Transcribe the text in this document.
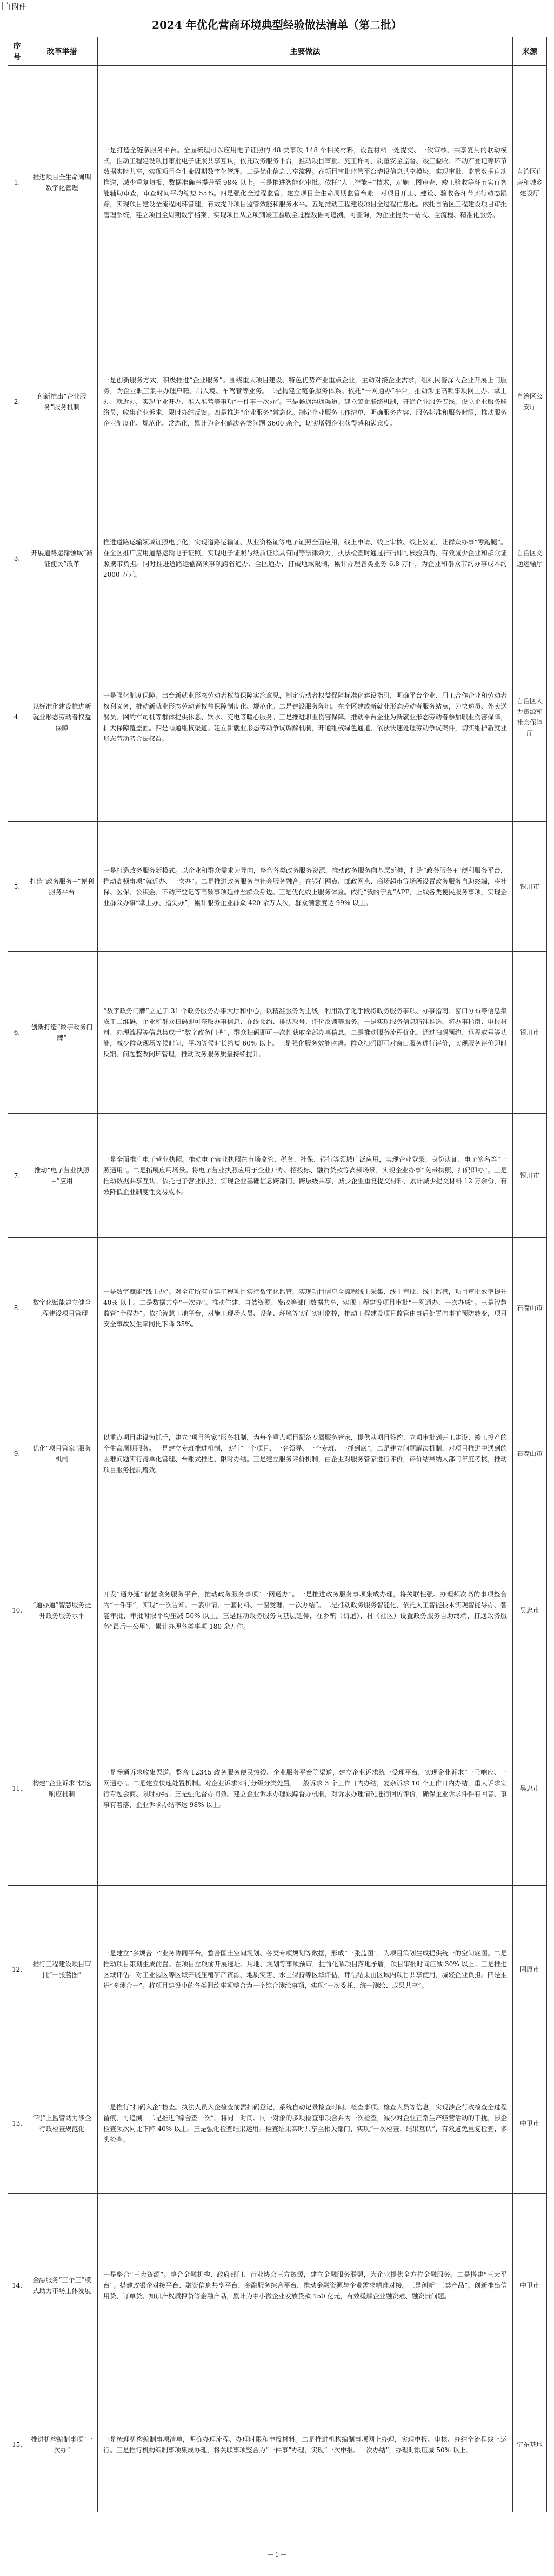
附件
2024 年优化营商环境典型经验做法清单（第二批）
序号	改革举措	主要做法	来源
1.	推进项目全生命周期数字化管理	一是打造全链条服务平台。全面梳理可以应用电子证照的 48 类事项 148 个相关材料，设置材料一处提交、一次审核、共享复用的联动模式，推动工程建设项目审批电子证照共享互认，依托政务服务平台，推动项目审批、施工许可、质量安全监督、竣工验收、不动产登记等环节数据实时共享，实现项目全生命周期数字化管理。二是优化信息共享流程。在项目审批监管平台增设信息共享模块，实现审批、监管数据自动推送，减少重复填报，数据准确率提升至 98% 以上。三是推进智能化审批。依托“人工智能+”技术，对施工图审查、竣工验收等环节实行智能辅助审查，审查时间平均缩短 55%。四是强化全过程监管。建立项目全生命周期监管台账，对项目开工、建设、验收各环节实行动态跟踪，实现项目建设全流程闭环管理，有效提升项目监管效能和服务水平。五是推动工程建设项目全过程信息化。依托自治区工程建设项目审批管理系统，建立项目全周期数字档案，实现项目从立项到竣工验收全过程数据可追溯、可查询，为企业提供一站式、全流程、精准化服务。	自治区住房和城乡建设厅
2.	创新推出“企业服务”服务机制	一是创新服务方式，积极推进“企业服务”。围绕重大项目建设、特色优势产业重点企业，主动对接企业需求，组织民警深入企业开展上门服务，为企业职工集中办理户籍、出入境、车驾管等业务。二是构建全链条服务体系。依托“一网通办”平台，推动涉企高频事项网上办、掌上办、就近办，实现企业开办、准入准营等事项“一件事一次办”。三是畅通沟通渠道。建立警企联络机制，开通企业服务专线，设立企业服务联络员，收集企业诉求，限时办结反馈。四是推进“企业服务”常态化。制定企业服务工作清单，明确服务内容、服务标准和服务时限，推动服务企业制度化、规范化、常态化，累计为企业解决各类问题 3600 余个，切实增强企业获得感和满意度。	自治区公安厅
3.	开展道路运输领域“减证便民”改革	推进道路运输领域证照电子化，实现道路运输证、从业资格证等电子证照全面应用，线上申请、线上审核、线上发证，让群众办事“零跑腿”。在全区推广应用道路运输电子证照，实现电子证照与纸质证照具有同等法律效力，执法检查时通过扫码即可核验真伪，有效减少企业和群众证照携带负担。同时推进道路运输高频事项跨省通办、全区通办，打破地域限制，累计办理各类业务 6.8 万件，为企业和群众节约办事成本约 2000 万元。	自治区交通运输厅
4.	以标准化建设推进新就业形态劳动者权益保障	一是强化制度保障。出台新就业形态劳动者权益保障实施意见，制定劳动者权益保障标准化建设指引，明确平台企业、用工合作企业和劳动者权利义务，推动新就业形态劳动者权益保障制度化、规范化。二是建设服务阵地。在全区建成新就业形态劳动者服务站点，为快递员、外卖送餐员、网约车司机等群体提供休息、饮水、充电等暖心服务。三是推进职业伤害保障。推动平台企业为新就业形态劳动者参加职业伤害保障，扩大保障覆盖面。四是畅通维权渠道。建立新就业形态劳动争议调解机制，开通维权绿色通道，依法快速处理劳动争议案件，切实维护新就业形态劳动者合法权益。	自治区人力资源和社会保障厅
5.	打造“政务服务+”便利服务平台	一是打造政务服务新模式。以企业和群众需求为导向，整合各类政务服务资源，推动政务服务向基层延伸，打造“政务服务+”便利服务平台，推动高频事项“就近办、一次办”。二是推进政务服务与社会服务融合。在银行网点、邮政网点、商场超市等场所设置政务服务自助终端，将社保、医保、公积金、不动产登记等高频事项延伸至群众身边。三是优化线上服务体验。依托“我的宁夏”APP，上线各类便民服务事项，实现企业群众办事“掌上办、指尖办”，累计服务企业群众 420 余万人次，群众满意度达 99% 以上。	银川市
6.	创新打造“数字政务门牌”	“数字政务门牌”立足于 31 个政务服务办事大厅和中心，以精准服务为主线，利用数字化手段将政务服务事项、办事指南、窗口分布等信息集成于二维码，企业和群众扫码即可获取办事信息、在线预约、排队取号、评价反馈等服务。一是实现服务信息精准推送。将办事指南、申报材料、办理流程等信息集成于“数字政务门牌”，群众扫码即可一次性获取全部办事信息。二是推动服务流程优化。通过扫码预约、远程取号等功能，减少群众现场等候时间，平均等候时长缩短 60% 以上。三是强化服务效能监督。群众扫码即可对窗口服务进行评价，实现服务评价即时反馈、问题整改闭环管理，推动政务服务质量持续提升。	银川市
7.	推动“电子营业执照+”应用	一是全面推广电子营业执照。推动电子营业执照在市场监管、税务、社保、银行等领域广泛应用，实现企业登录、身份认证、电子签名等“一照通用”。二是拓展应用场景。将电子营业执照应用于企业开办、招投标、融资贷款等高频场景，实现企业办事“免带执照、扫码即办”。三是推动数据共享互认。依托电子营业执照，实现企业基础信息跨部门、跨层级共享，减少企业重复提交材料，累计减少提交材料 12 万余份，有效降低企业制度性交易成本。	银川市
8.	数字化赋能建立健全工程建设项目管理	一是数字赋能“线上办”。对全市所有在建工程项目实行数字化监管，实现项目信息全流程线上采集、线上审批、线上监管，项目审批效率提升 40% 以上。二是数据共享“一次办”。推动住建、自然资源、发改等部门数据共享，实现工程建设项目审批“一网通办、一次办成”。三是智慧监管“全程办”。依托智慧工地平台，对施工现场人员、设备、环境等实行实时监控，推动工程建设项目监管由事后处置向事前预防转变，项目安全事故发生率同比下降 35%。	石嘴山市
9.	优化“项目管家”服务机制	以重点项目建设为抓手，建立“项目管家”服务机制，为每个重点项目配备专属服务管家，提供从项目签约、立项审批到开工建设、竣工投产的全生命周期服务。一是建立专班推进机制，实行“一个项目、一名领导、一个专班、一抓到底”。二是建立问题解决机制，对项目推进中遇到的困难问题实行清单化管理、台账式推进、限时办结。三是建立服务评价机制，由企业对服务管家进行评价，评价结果纳入部门年度考核，推动项目服务提质增效。	石嘴山市
10.	“通办通”智慧服务提升政务服务水平	开发“通办通”智慧政务服务平台，推动政务服务事项“一网通办”。一是推进政务服务事项集成办理，将关联性强、办理频次高的事项整合为“一件事”，实现“一次告知、一表申请、一套材料、一窗受理、一次办结”。二是推动政务服务智能化，依托人工智能技术实现智能导办、智能审批，审批时限平均压减 50% 以上。三是推动政务服务向基层延伸，在乡镇（街道）、村（社区）设置政务服务自助终端，打通政务服务“最后一公里”，累计办理各类事项 180 余万件。	吴忠市
11.	构建“企业诉求”快速响应机制	一是畅通诉求收集渠道。整合 12345 政务服务便民热线、企业服务平台等渠道，建立企业诉求统一受理平台，实现企业诉求“一号响应、一网通办”。二是建立快速处置机制。对企业诉求实行分级分类处置，一般诉求 3 个工作日内办结，复杂诉求 10 个工作日内办结，重大诉求实行专题会商、限时办结。三是强化督办问效。建立企业诉求办理跟踪督办机制，对诉求办理情况进行回访评价，确保企业诉求件件有回音、事事有着落，企业诉求办结率达 98% 以上。	吴忠市
12.	推行工程建设项目审批“一张蓝图”	一是建立“多规合一”业务协同平台。整合国土空间规划、各类专项规划等数据，形成“一张蓝图”，为项目策划生成提供统一的空间底图。二是推动项目策划生成前置。在项目立项前开展选址、用地、规划等事项预审，提前化解项目落地矛盾，项目审批时间压减 30% 以上。三是推进区域评估。对工业园区等区域开展压覆矿产资源、地质灾害、水土保持等区域评估，评估结果由区域内项目共享使用，减轻企业负担。四是推进“多测合一”。将项目建设中的各类测绘事项整合为一个综合测绘事项，实现“一次委托、统一测绘、成果共享”。	固原市
13.	“码”上监管助力涉企行政检查规范化	一是推行“扫码入企”检查。执法人员入企检查前需扫码登记，系统自动记录检查时间、检查事项、检查人员等信息，实现涉企行政检查全过程留痕、可追溯。二是推进“综合查一次”。将同一时间、同一对象的多项检查事项合并为一次检查，减少对企业正常生产经营活动的干扰，涉企检查频次同比下降 40% 以上。三是强化检查结果运用。检查结果实时共享至相关部门，实现“一次检查、结果互认”，有效避免重复检查、多头检查。	中卫市
14.	金融服务“三个三”模式助力市场主体发展	一是整合“三大资源”。整合金融机构、政府部门、行业协会三方资源，建立金融服务联盟，为企业提供全方位金融服务。二是搭建“三大平台”。搭建政银企对接平台、融资信息共享平台、金融服务综合平台，推动金融资源与企业需求精准对接。三是创新“三类产品”。创新推出信用贷、订单贷、知识产权质押贷等金融产品，累计为中小微企业发放贷款 150 亿元，有效缓解企业融资难、融资贵问题。	中卫市
15.	推进机构编制事项“一次办”	一是梳理机构编制事项清单，明确办理流程、办理时限和申报材料。二是推进机构编制事项网上办理，实现申报、审核、办结全流程线上运行。三是推行机构编制事项集成办理，将关联事项整合为“一件事”办理，实现“一次申报、一次办结”，办理时限压减 50% 以上。	宁东基地
— 1 —
